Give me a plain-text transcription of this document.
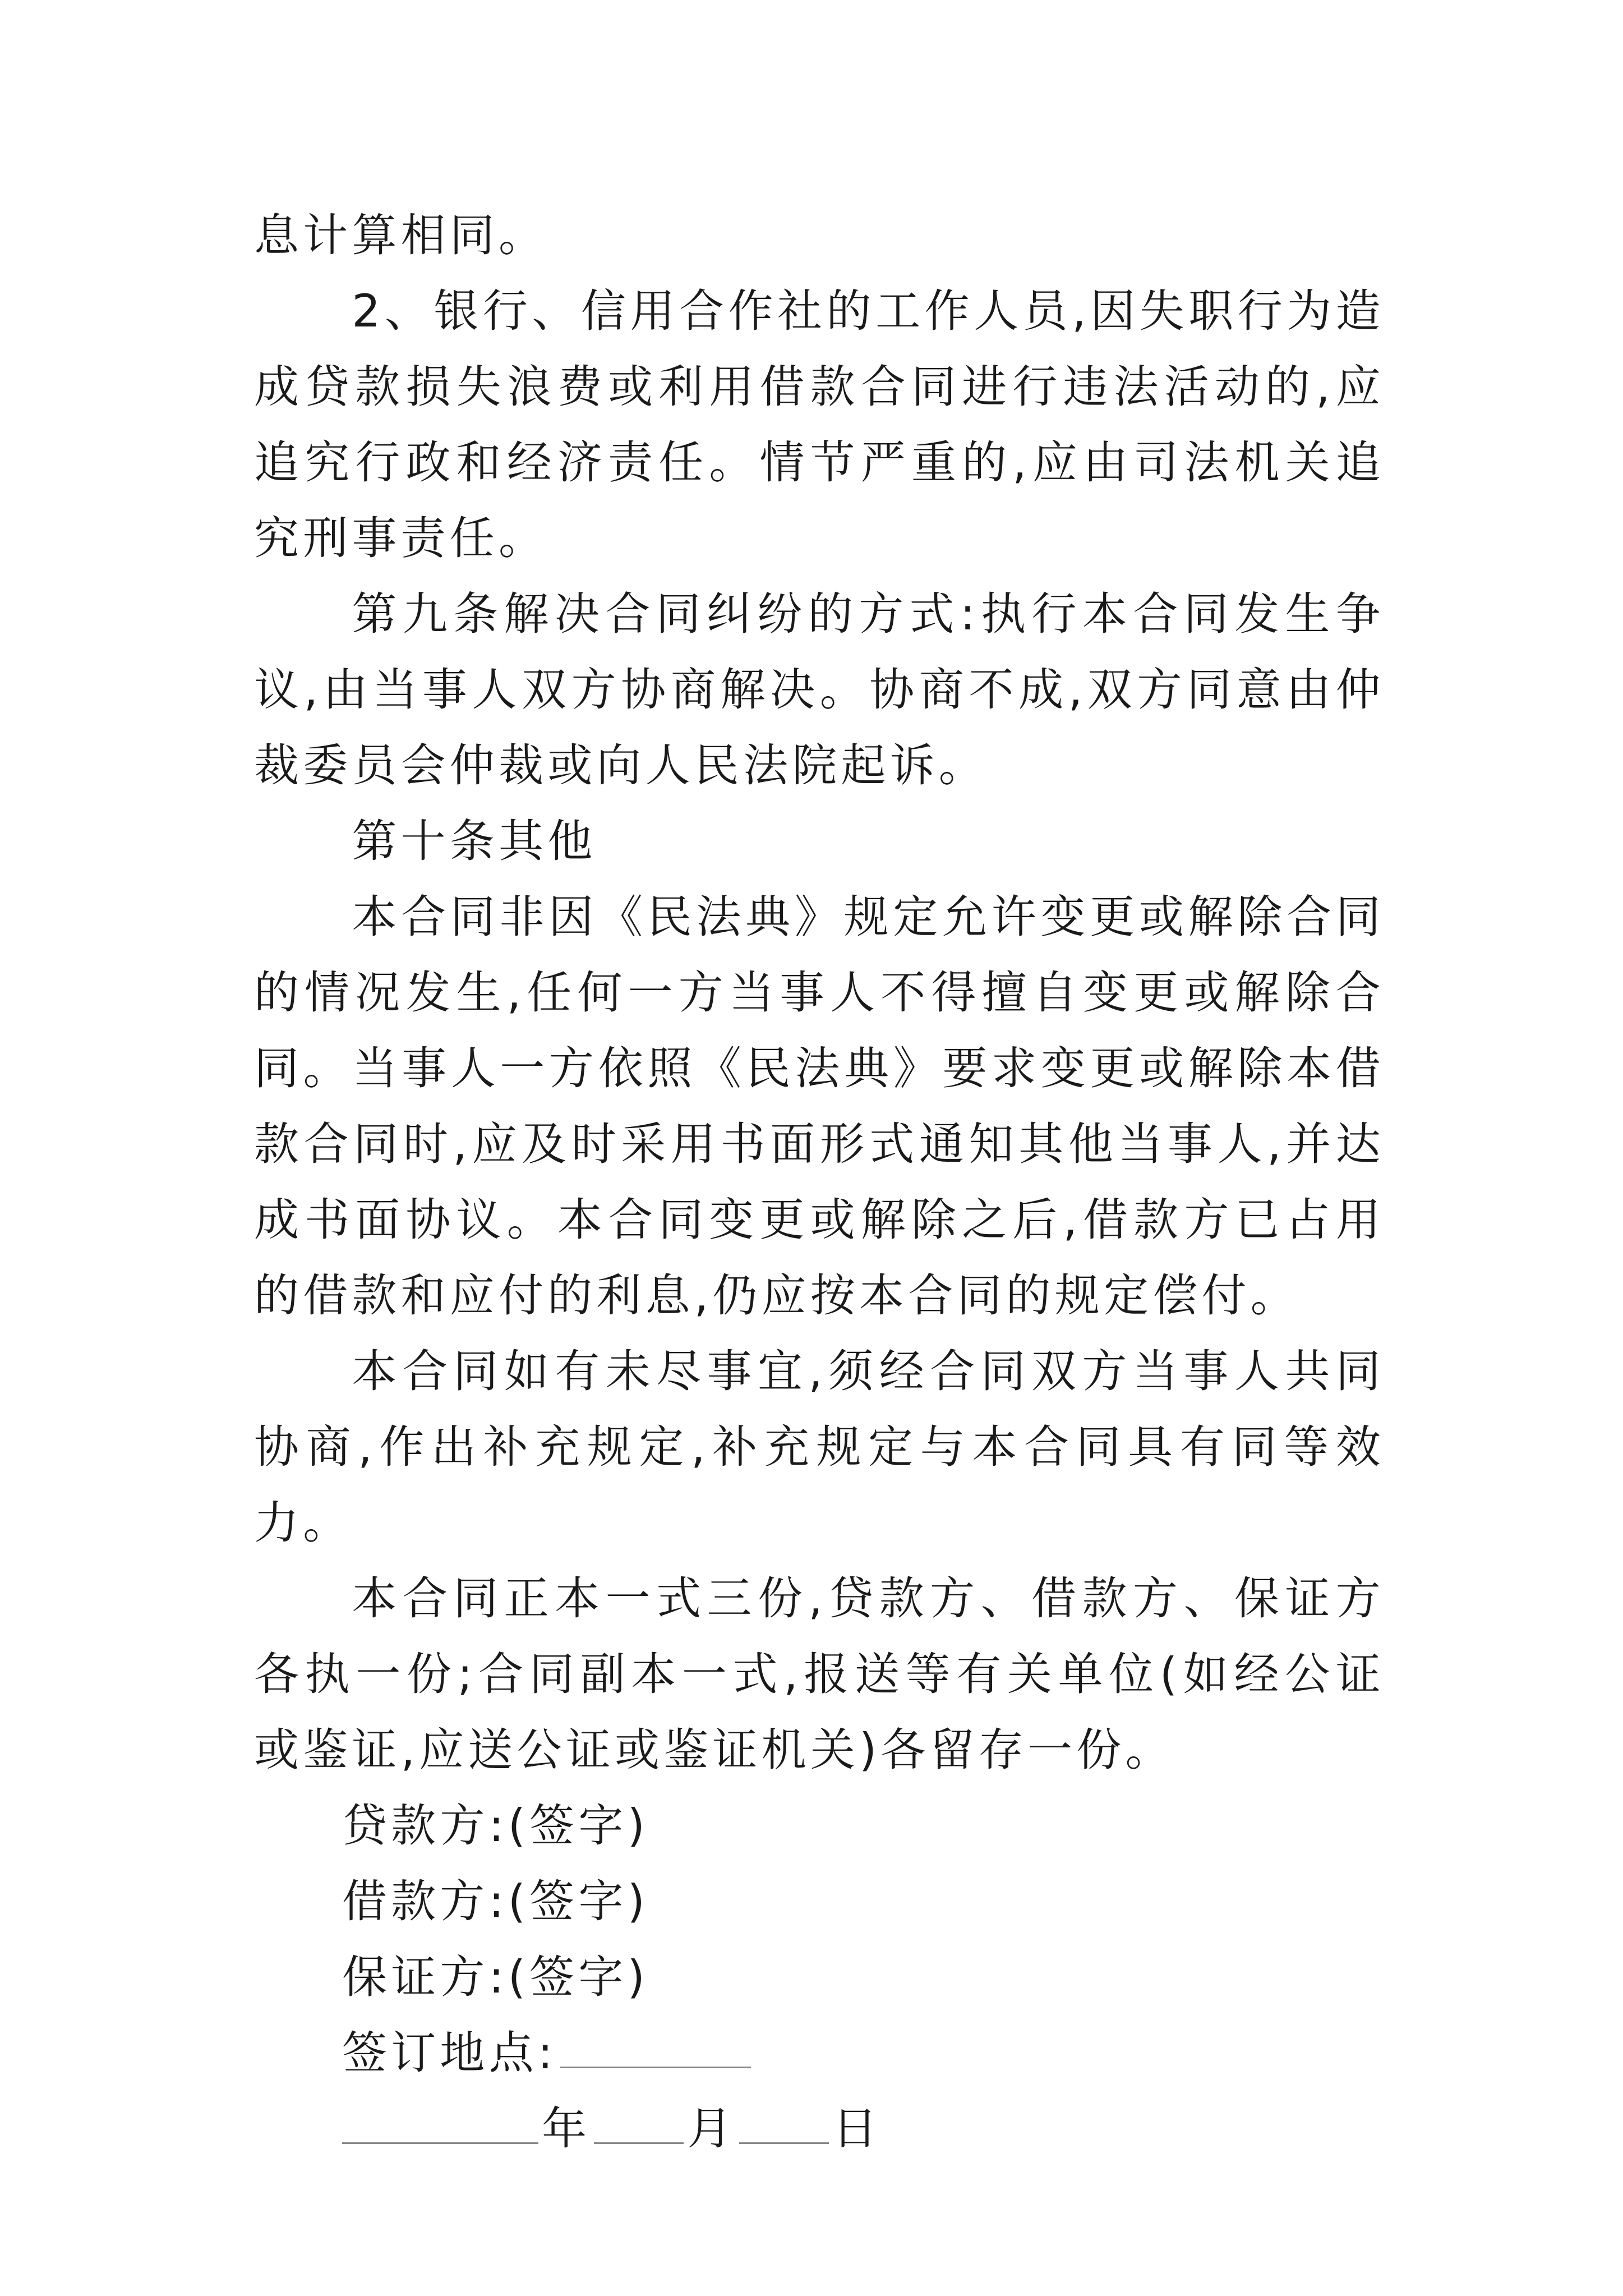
息计算相同。

2、银行、信用合作社的工作人员,因失职行为造成贷款损失浪费或利用借款合同进行违法活动的,应追究行政和经济责任。情节严重的,应由司法机关追究刑事责任。

第九条解决合同纠纷的方式:执行本合同发生争议,由当事人双方协商解决。协商不成,双方同意由仲裁委员会仲裁或向人民法院起诉。

第十条其他

本合同非因《民法典》规定允许变更或解除合同的情况发生,任何一方当事人不得擅自变更或解除合同。当事人一方依照《民法典》要求变更或解除本借款合同时,应及时采用书面形式通知其他当事人,并达成书面协议。本合同变更或解除之后,借款方已占用的借款和应付的利息,仍应按本合同的规定偿付。

本合同如有未尽事宜,须经合同双方当事人共同协商,作出补充规定,补充规定与本合同具有同等效力。

本合同正本一式三份,贷款方、借款方、保证方各执一份;合同副本一式,报送等有关单位(如经公证或鉴证,应送公证或鉴证机关)各留存一份。

贷款方:(签字)

借款方:(签字)

保证方:(签字)

签订地点:

年 月 日
